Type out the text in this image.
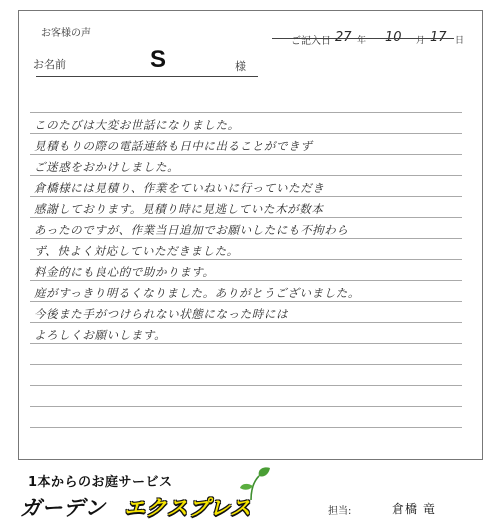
お客様の声
ご記入日 27 年 10 月 17 日
お名前	S	様
このたびは大変お世話になりました。
見積もりの際の電話連絡も日中に出ることができず
ご迷惑をおかけしました。
倉橋様には見積り、作業をていねいに行っていただき
感謝しております。見積り時に見逃していた木が数本
あったのですが、作業当日追加でお願いしたにも不拘わら
ず、快よく対応していただきました。
料金的にも良心的で助かります。
庭がすっきり明るくなりました。ありがとうございました。
今後また手がつけられない状態になった時には
よろしくお願いします。
1本からのお庭サービス
ガーデン エクスプレス	担当:	倉橋 竜
